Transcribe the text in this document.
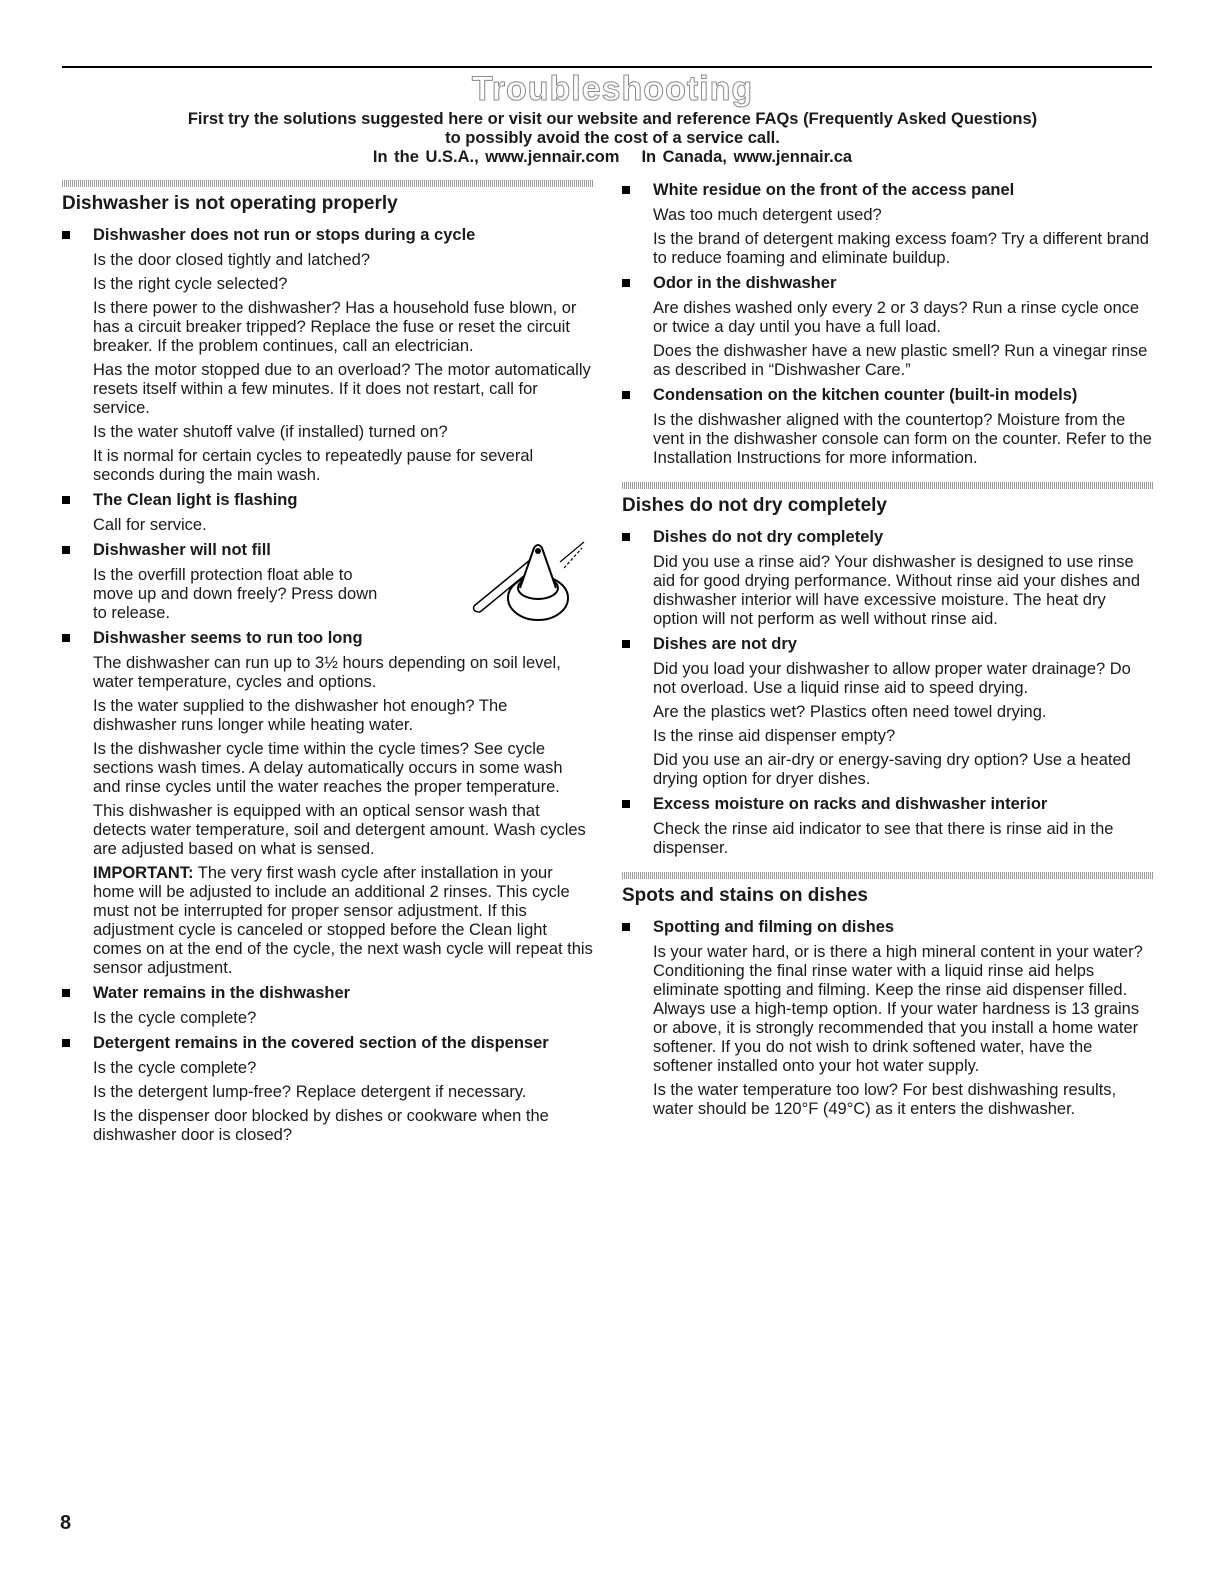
Troubleshooting
First try the solutions suggested here or visit our website and reference FAQs (Frequently Asked Questions)
to possibly avoid the cost of a service call.
In the U.S.A., www.jennair.com In Canada, www.jennair.ca
Dishwasher is not operating properly
Dishwasher does not run or stops during a cycle

Is the door closed tightly and latched?

Is the right cycle selected?

Is there power to the dishwasher? Has a household fuse blown, or has a circuit breaker tripped? Replace the fuse or reset the circuit breaker. If the problem continues, call an electrician.

Has the motor stopped due to an overload? The motor automatically resets itself within a few minutes. If it does not restart, call for service.

Is the water shutoff valve (if installed) turned on?

It is normal for certain cycles to repeatedly pause for several seconds during the main wash.

The Clean light is flashing

Call for service.

Dishwasher will not fill

Is the overfill protection float able to move up and down freely? Press down to release.

Dishwasher seems to run too long

The dishwasher can run up to 3½ hours depending on soil level, water temperature, cycles and options.

Is the water supplied to the dishwasher hot enough? The dishwasher runs longer while heating water.

Is the dishwasher cycle time within the cycle times? See cycle sections wash times. A delay automatically occurs in some wash and rinse cycles until the water reaches the proper temperature.

This dishwasher is equipped with an optical sensor wash that detects water temperature, soil and detergent amount. Wash cycles are adjusted based on what is sensed.

IMPORTANT: The very first wash cycle after installation in your home will be adjusted to include an additional 2 rinses. This cycle must not be interrupted for proper sensor adjustment. If this adjustment cycle is canceled or stopped before the Clean light comes on at the end of the cycle, the next wash cycle will repeat this sensor adjustment.

Water remains in the dishwasher

Is the cycle complete?

Detergent remains in the covered section of the dispenser

Is the cycle complete?

Is the detergent lump-free? Replace detergent if necessary.

Is the dispenser door blocked by dishes or cookware when the dishwasher door is closed?

White residue on the front of the access panel

Was too much detergent used?

Is the brand of detergent making excess foam? Try a different brand to reduce foaming and eliminate buildup.

Odor in the dishwasher

Are dishes washed only every 2 or 3 days? Run a rinse cycle once or twice a day until you have a full load.

Does the dishwasher have a new plastic smell? Run a vinegar rinse as described in “Dishwasher Care.”

Condensation on the kitchen counter (built-in models)

Is the dishwasher aligned with the countertop? Moisture from the vent in the dishwasher console can form on the counter. Refer to the Installation Instructions for more information.

Dishes do not dry completely
Dishes do not dry completely

Did you use a rinse aid? Your dishwasher is designed to use rinse aid for good drying performance. Without rinse aid your dishes and dishwasher interior will have excessive moisture. The heat dry option will not perform as well without rinse aid.

Dishes are not dry

Did you load your dishwasher to allow proper water drainage? Do not overload. Use a liquid rinse aid to speed drying.

Are the plastics wet? Plastics often need towel drying.

Is the rinse aid dispenser empty?

Did you use an air-dry or energy-saving dry option? Use a heated drying option for dryer dishes.

Excess moisture on racks and dishwasher interior

Check the rinse aid indicator to see that there is rinse aid in the dispenser.

Spots and stains on dishes
Spotting and filming on dishes

Is your water hard, or is there a high mineral content in your water? Conditioning the final rinse water with a liquid rinse aid helps eliminate spotting and filming. Keep the rinse aid dispenser filled. Always use a high-temp option. If your water hardness is 13 grains or above, it is strongly recommended that you install a home water softener. If you do not wish to drink softened water, have the softener installed onto your hot water supply.

Is the water temperature too low? For best dishwashing results, water should be 120°F (49°C) as it enters the dishwasher.

8
